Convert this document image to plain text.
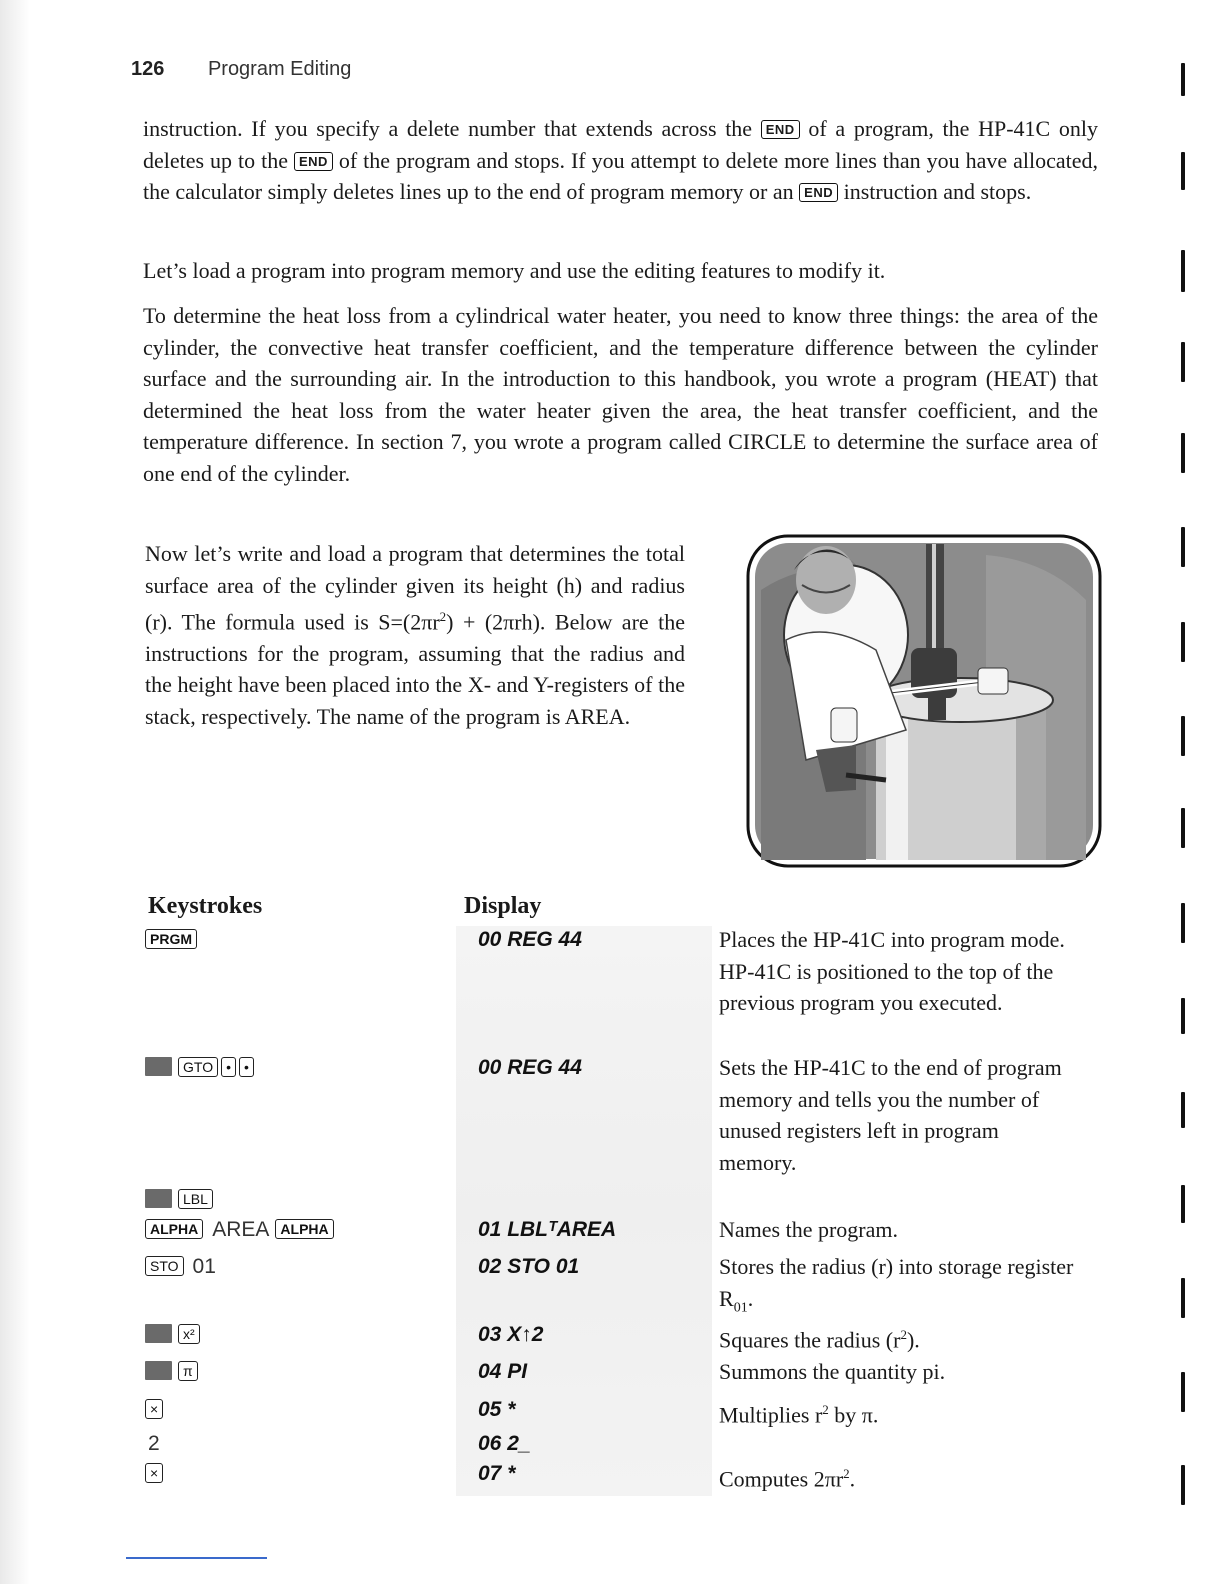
126 Program Editing

instruction. If you specify a delete number that extends across the END of a program, the HP-41C only deletes up to the END of the program and stops. If you attempt to delete more lines than you have allocated, the calculator simply deletes lines up to the end of program memory or an END instruction and stops.

Let’s load a program into program memory and use the editing features to modify it.

To determine the heat loss from a cylindrical water heater, you need to know three things: the area of the cylinder, the convective heat transfer coefficient, and the temperature difference between the cylinder surface and the surrounding air. In the introduction to this handbook, you wrote a program (HEAT) that determined the heat loss from the water heater given the area, the heat transfer coefficient, and the temperature difference. In section 7, you wrote a program called CIRCLE to determine the surface area of one end of the cylinder.

Now let’s write and load a program that determines the total surface area of the cylinder given its height (h) and radius (r). The formula used is $S=(2\pi r^2) + (2\pi rh)$. Below are the instructions for the program, assuming that the radius and the height have been placed into the X- and Y-registers of the stack, respectively. The name of the program is AREA.

Keystrokes	Display
PRGM	00 REG 44	Places the HP-41C into program mode. HP-41C is positioned to the top of the previous program you executed.

GTO • •	00 REG 44	Sets the HP-41C to the end of program memory and tells you the number of unused registers left in program memory.

LBL
ALPHA AREA ALPHA	01 LBLᵀAREA	Names the program.

STO 01	02 STO 01	Stores the radius (r) into storage register $R_{01}$.

x²	03 X↑2	Squares the radius $(r^2)$.

π	04 PI	Summons the quantity pi.

×	05 *	Multiplies $r^2$ by π.

2	06 2_
×	07 *	Computes $2\pi r^2$.
